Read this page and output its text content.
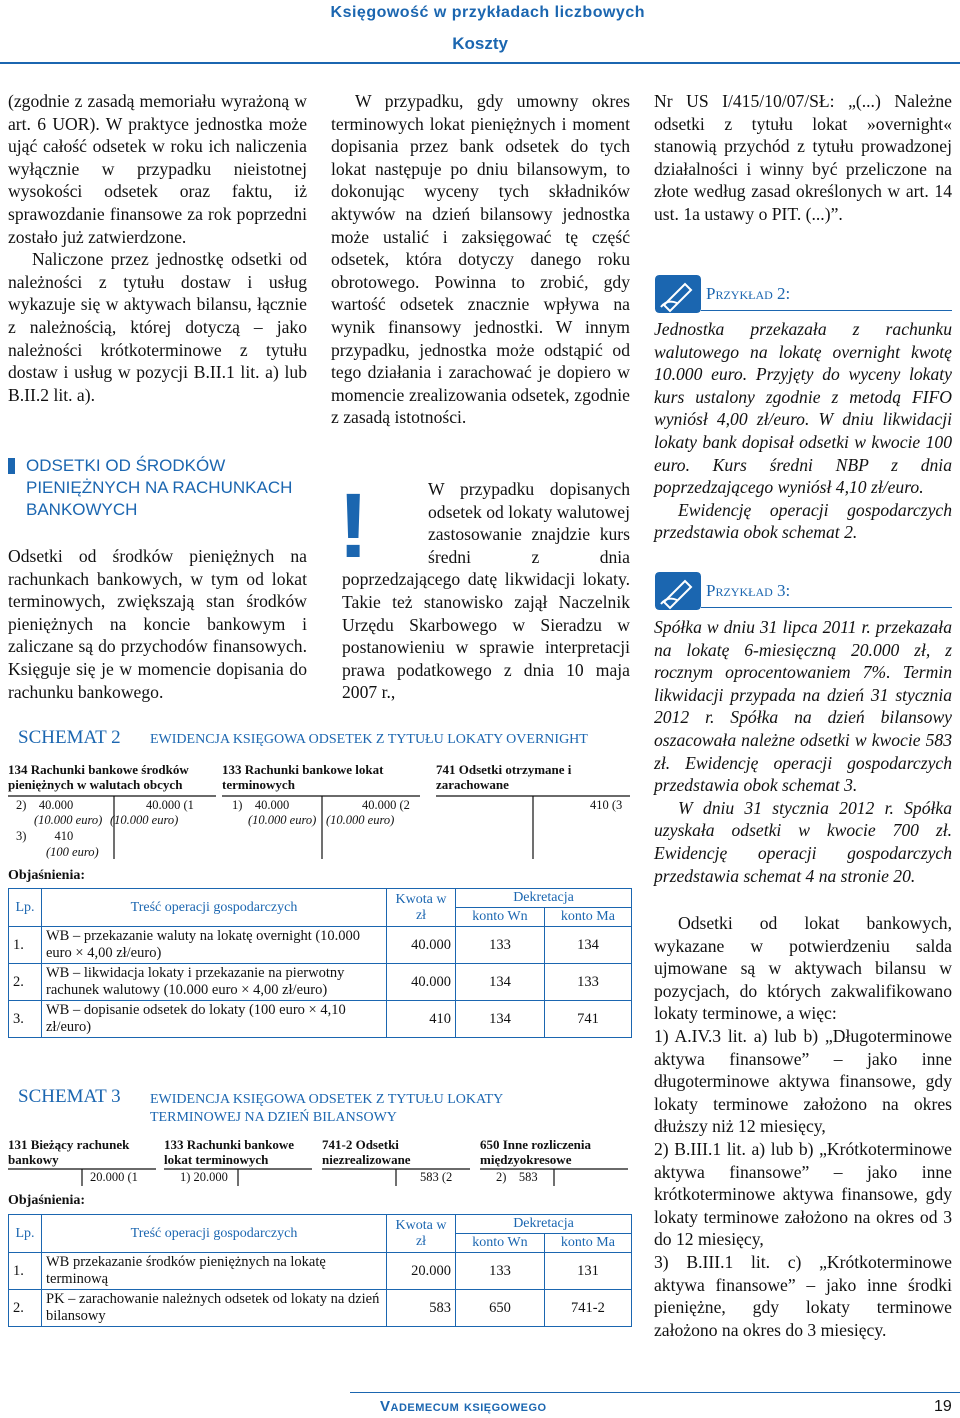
Księgowość w przykładach liczbowych
Koszty

(zgodnie z zasadą memoriału wyrażoną w art. 6 UOR). W praktyce jednostka może ująć całość odsetek w roku ich naliczenia wyłącznie w przypadku nieistotnej wysokości odsetek oraz faktu, iż sprawozdanie finansowe za rok poprzedni zostało już zatwierdzone.

Naliczone przez jednostkę odsetki od należności z tytułu dostaw i usług wykazuje się w aktywach bilansu, łącznie z należnością, której dotyczą – jako należności krótkoterminowe z tytułu dostaw i usług w pozycji B.II.1 lit. a) lub B.II.2 lit. a).

ODSETKI OD ŚRODKÓW PIENIĘŻNYCH NA RACHUNKACH BANKOWYCH
Odsetki od środków pieniężnych na rachunkach bankowych, w tym od lokat terminowych, zwiększają stan środków pieniężnych na koncie bankowym i zaliczane są do przychodów finansowych. Księguje się je w momencie dopisania do rachunku bankowego.
W przypadku, gdy umowny okres terminowych lokat pieniężnych i moment dopisania przez bank odsetek do tych lokat następuje po dniu bilansowym, to dokonując wyceny tych składników aktywów na dzień bilansowy jednostka może ustalić i zaksięgować tę część odsetek, która dotyczy danego roku obrotowego. Powinna to zrobić, gdy wartość odsetek znacznie wpływa na wynik finansowy jednostki. W innym przypadku, jednostka może odstąpić od tego działania i zarachować je dopiero w momencie zrealizowania odsetek, zgodnie z zasadą istotności.
!	W przypadku dopisanych odsetek od lokaty walutowej zastosowanie znajdzie kurs średni z dnia poprzedzającego datę likwidacji lokaty. Takie też stanowisko zajął Naczelnik Urzędu Skarbowego w Sieradzu w postanowieniu w sprawie interpretacji prawa podatkowego z dnia 10 maja 2007 r.,
Nr US I/415/10/07/SŁ: „(...) Należne odsetki z tytułu lokat »overnight« stanowią przychód z tytułu prowadzonej działalności i winny być przeliczone na złote według zasad określonych w art. 14 ust. 1a ustawy o PIT. (...)”.
Przykład 2:

Jednostka przekazała z rachunku walutowego na lokatę overnight kwotę 10.000 euro. Przyjęty do wyceny lokaty kurs ustalony zgodnie z metodą FIFO wyniósł 4,00 zł/euro. W dniu likwidacji lokaty bank dopisał odsetki w kwocie 100 euro. Kurs średni NBP z dnia poprzedzającego wyniósł 4,10 zł/euro.

Ewidencję operacji gospodarczych przedstawia obok schemat 2.

Przykład 3:

Spółka w dniu 31 lipca 2011 r. przekazała na lokatę 6-miesięczną 20.000 zł, z rocznym oprocentowaniem 7%. Termin likwidacji przypada na dzień 31 stycznia 2012 r. Spółka na dzień bilansowy oszacowała należne odsetki w kwocie 583 zł. Ewidencję operacji gospodarczych przedstawia obok schemat 3.

W dniu 31 stycznia 2012 r. Spółka uzyskała odsetki w kwocie 700 zł. Ewidencję operacji gospodarczych przedstawia schemat 4 na stronie 20.

Odsetki od lokat bankowych, wykazane w potwierdzeniu salda ujmowane są w aktywach bilansu w pozycjach, do których zakwalifikowano lokaty terminowe, a więc:

1) A.IV.3 lit. a) lub b) „Długoterminowe aktywa finansowe” – jako inne długoterminowe aktywa finansowe, gdy lokaty terminowe założono na okres dłuższy niż 12 miesięcy,

2) B.III.1 lit. a) lub b) „Krótkoterminowe aktywa finansowe” – jako inne krótkoterminowe aktywa finansowe, gdy lokaty terminowe założono na okres od 3 do 12 miesięcy,

3) B.III.1 lit. c) „Krótkoterminowe aktywa finansowe” – jako inne środki pieniężne, gdy lokaty terminowe założono na okres do 3 miesięcy.

SCHEMAT 2 EWIDENCJA KSIĘGOWA ODSETEK Z TYTUŁU LOKATY OVERNIGHT
134 Rachunki bankowe środków pieniężnych w walutach obcych
2)    40.000
(10.000 euro)
3)         410
(100 euro)
40.000 (1
(10.000 euro)
133 Rachunki bankowe lokat terminowych
1)    40.000
(10.000 euro)
40.000 (2
(10.000 euro)
741 Odsetki otrzymane i zarachowane
410 (3
Objaśnienia:
Lp.	Treść operacji gospodarczych	Kwota w zł	Dekretacja	
			konto Wn	konto Ma
1.	WB – przekazanie waluty na lokatę overnight (10.000 euro × 4,00 zł/euro)	40.000	133	134
2.	WB – likwidacja lokaty i przekazanie na pierwotny rachunek walutowy (10.000 euro × 4,00 zł/euro)	40.000	134	133
3.	WB – dopisanie odsetek do lokaty (100 euro × 4,10 zł/euro)	410	134	741
SCHEMAT 3 EWIDENCJA KSIĘGOWA ODSETEK Z TYTUŁU LOKATY TERMINOWEJ NA DZIEŃ BILANSOWY
131 Bieżący rachunek bankowy
20.000 (1
133 Rachunki bankowe lokat terminowych
1) 20.000
741-2 Odsetki niezrealizowane
583 (2
650 Inne rozliczenia międzyokresowe
2)    583
Objaśnienia:
Lp.	Treść operacji gospodarczych	Kwota w zł	Dekretacja	
			konto Wn	konto Ma
1.	WB przekazanie środków pieniężnych na lokatę terminową	20.000	133	131
2.	PK – zarachowanie należnych odsetek od lokaty na dzień bilansowy	583	650	741-2
Vademecum księgowego	19
